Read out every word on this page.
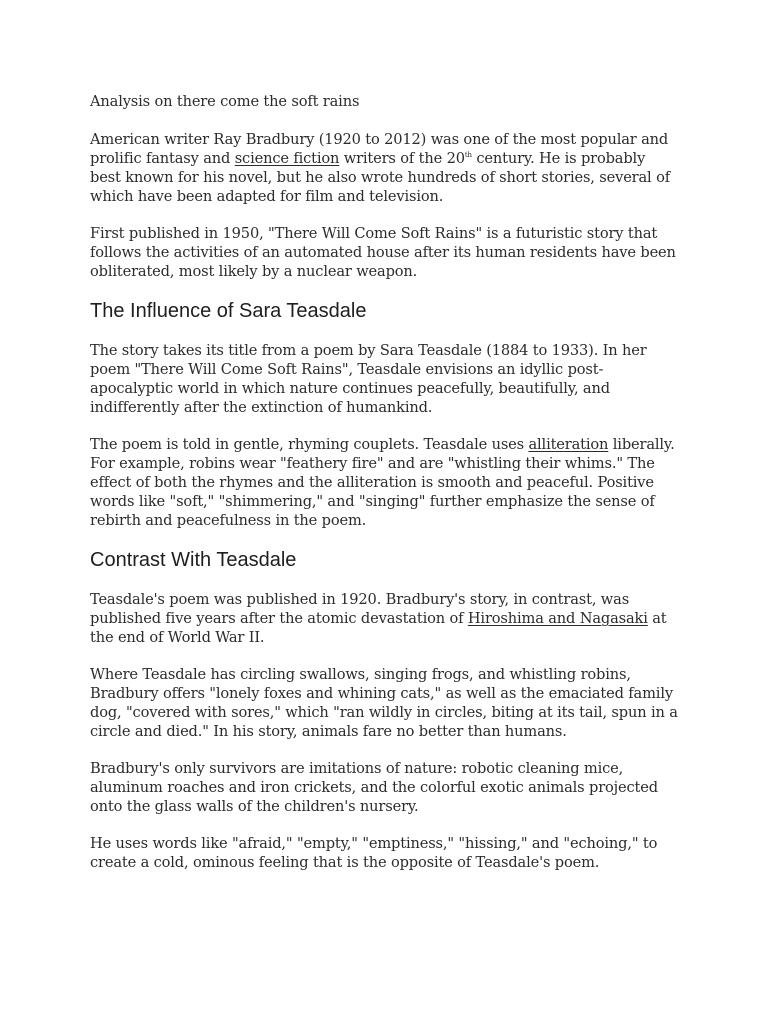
Analysis on there come the soft rains

American writer Ray Bradbury (1920 to 2012) was one of the most popular and prolific fantasy and science fiction writers of the 20th century. He is probably best known for his novel, but he also wrote hundreds of short stories, several of which have been adapted for film and television.

First published in 1950, "There Will Come Soft Rains" is a futuristic story that follows the activities of an automated house after its human residents have been obliterated, most likely by a nuclear weapon.

The Influence of Sara Teasdale

The story takes its title from a poem by Sara Teasdale (1884 to 1933). In her poem "There Will Come Soft Rains", Teasdale envisions an idyllic post-apocalyptic world in which nature continues peacefully, beautifully, and indifferently after the extinction of humankind.

The poem is told in gentle, rhyming couplets. Teasdale uses alliteration liberally. For example, robins wear "feathery fire" and are "whistling their whims." The effect of both the rhymes and the alliteration is smooth and peaceful. Positive words like "soft," "shimmering," and "singing" further emphasize the sense of rebirth and peacefulness in the poem.

Contrast With Teasdale

Teasdale's poem was published in 1920. Bradbury's story, in contrast, was published five years after the atomic devastation of Hiroshima and Nagasaki at the end of World War II.

Where Teasdale has circling swallows, singing frogs, and whistling robins, Bradbury offers "lonely foxes and whining cats," as well as the emaciated family dog, "covered with sores," which "ran wildly in circles, biting at its tail, spun in a circle and died." In his story, animals fare no better than humans.

Bradbury's only survivors are imitations of nature: robotic cleaning mice, aluminum roaches and iron crickets, and the colorful exotic animals projected onto the glass walls of the children's nursery.

He uses words like "afraid," "empty," "emptiness," "hissing," and "echoing," to create a cold, ominous feeling that is the opposite of Teasdale's poem.
